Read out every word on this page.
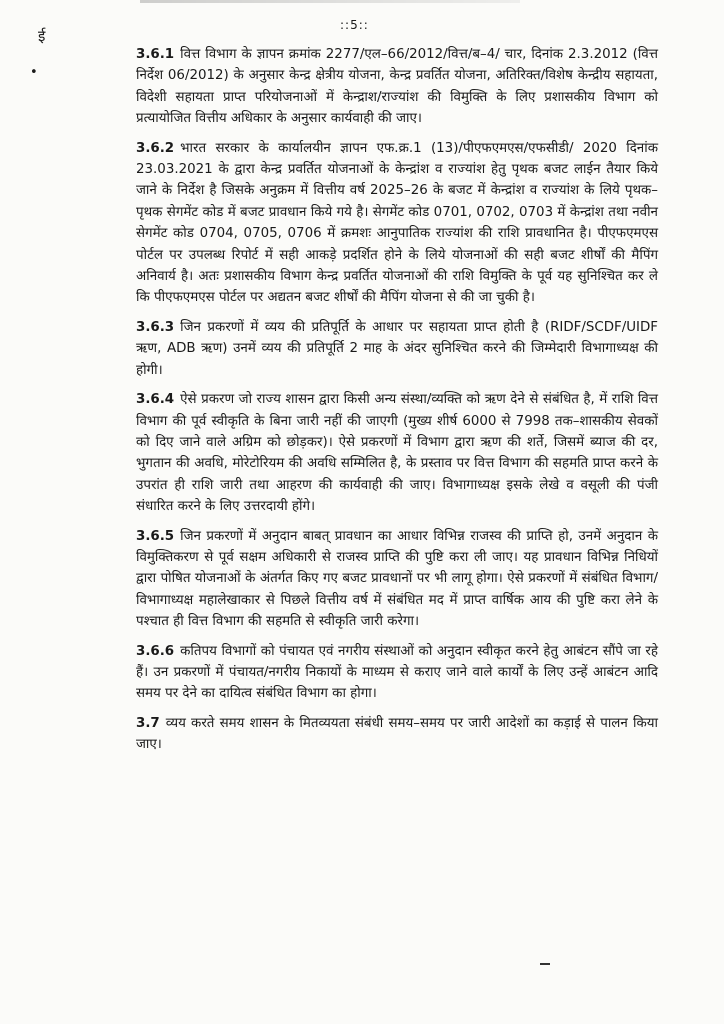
::5::
ई
•

3.6.1 वित्त विभाग के ज्ञापन क्रमांक 2277/एल–66/2012/वित्त/ब–4/ चार, दिनांक 2.3.2012 (वित्त निर्देश 06/2012) के अनुसार केन्द्र क्षेत्रीय योजना, केन्द्र प्रवर्तित योजना, अतिरिक्त/विशेष केन्द्रीय सहायता, विदेशी सहायता प्राप्त परियोजनाओं में केन्द्राश/राज्यांश की विमुक्ति के लिए प्रशासकीय विभाग को प्रत्यायोजित वित्तीय अधिकार के अनुसार कार्यवाही की जाए।

3.6.2 भारत सरकार के कार्यालयीन ज्ञापन एफ.क्र.1 (13)/पीएफएमएस/एफसीडी/ 2020 दिनांक 23.03.2021 के द्वारा केन्द्र प्रवर्तित योजनाओं के केन्द्रांश व राज्यांश हेतु पृथक बजट लाईन तैयार किये जाने के निर्देश है जिसके अनुक्रम में वित्तीय वर्ष 2025–26 के बजट में केन्द्रांश व राज्यांश के लिये पृथक–पृथक सेगमेंट कोड में बजट प्रावधान किये गये है। सेगमेंट कोड 0701, 0702, 0703 में केन्द्रांश तथा नवीन सेगमेंट कोड 0704, 0705, 0706 में क्रमशः आनुपातिक राज्यांश की राशि प्रावधानित है। पीएफएमएस पोर्टल पर उपलब्ध रिपोर्ट में सही आकड़े प्रदर्शित होने के लिये योजनाओं की सही बजट शीर्षों की मैपिंग अनिवार्य है। अतः प्रशासकीय विभाग केन्द्र प्रवर्तित योजनाओं की राशि विमुक्ति के पूर्व यह सुनिश्चित कर ले कि पीएफएमएस पोर्टल पर अद्यतन बजट शीर्षों की मैपिंग योजना से की जा चुकी है।

3.6.3 जिन प्रकरणों में व्यय की प्रतिपूर्ति के आधार पर सहायता प्राप्त होती है (RIDF/SCDF/UIDF ऋण, ADB ऋण) उनमें व्यय की प्रतिपूर्ति 2 माह के अंदर सुनिश्चित करने की जिम्मेदारी विभागाध्यक्ष की होगी।

3.6.4 ऐसे प्रकरण जो राज्य शासन द्वारा किसी अन्य संस्था/व्यक्ति को ऋण देने से संबंधित है, में राशि वित्त विभाग की पूर्व स्वीकृति के बिना जारी नहीं की जाएगी (मुख्य शीर्ष 6000 से 7998 तक–शासकीय सेवकों को दिए जाने वाले अग्रिम को छोड़कर)। ऐसे प्रकरणों में विभाग द्वारा ऋण की शर्ते, जिसमें ब्याज की दर, भुगतान की अवधि, मोरेटोरियम की अवधि सम्मिलित है, के प्रस्ताव पर वित्त विभाग की सहमति प्राप्त करने के उपरांत ही राशि जारी तथा आहरण की कार्यवाही की जाए। विभागाध्यक्ष इसके लेखे व वसूली की पंजी संधारित करने के लिए उत्तरदायी होंगे।

3.6.5 जिन प्रकरणों में अनुदान बाबत् प्रावधान का आधार विभिन्न राजस्व की प्राप्ति हो, उनमें अनुदान के विमुक्तिकरण से पूर्व सक्षम अधिकारी से राजस्व प्राप्ति की पुष्टि करा ली जाए। यह प्रावधान विभिन्न निधियों द्वारा पोषित योजनाओं के अंतर्गत किए गए बजट प्रावधानों पर भी लागू होगा। ऐसे प्रकरणों में संबंधित विभाग/विभागाध्यक्ष महालेखाकार से पिछले वित्तीय वर्ष में संबंधित मद में प्राप्त वार्षिक आय की पुष्टि करा लेने के पश्चात ही वित्त विभाग की सहमति से स्वीकृति जारी करेगा।

3.6.6 कतिपय विभागों को पंचायत एवं नगरीय संस्थाओं को अनुदान स्वीकृत करने हेतु आबंटन सौंपे जा रहे हैं। उन प्रकरणों में पंचायत/नगरीय निकायों के माध्यम से कराए जाने वाले कार्यों के लिए उन्हें आबंटन आदि समय पर देने का दायित्व संबंधित विभाग का होगा।

3.7 व्यय करते समय शासन के मितव्ययता संबंधी समय–समय पर जारी आदेशों का कड़ाई से पालन किया जाए।
